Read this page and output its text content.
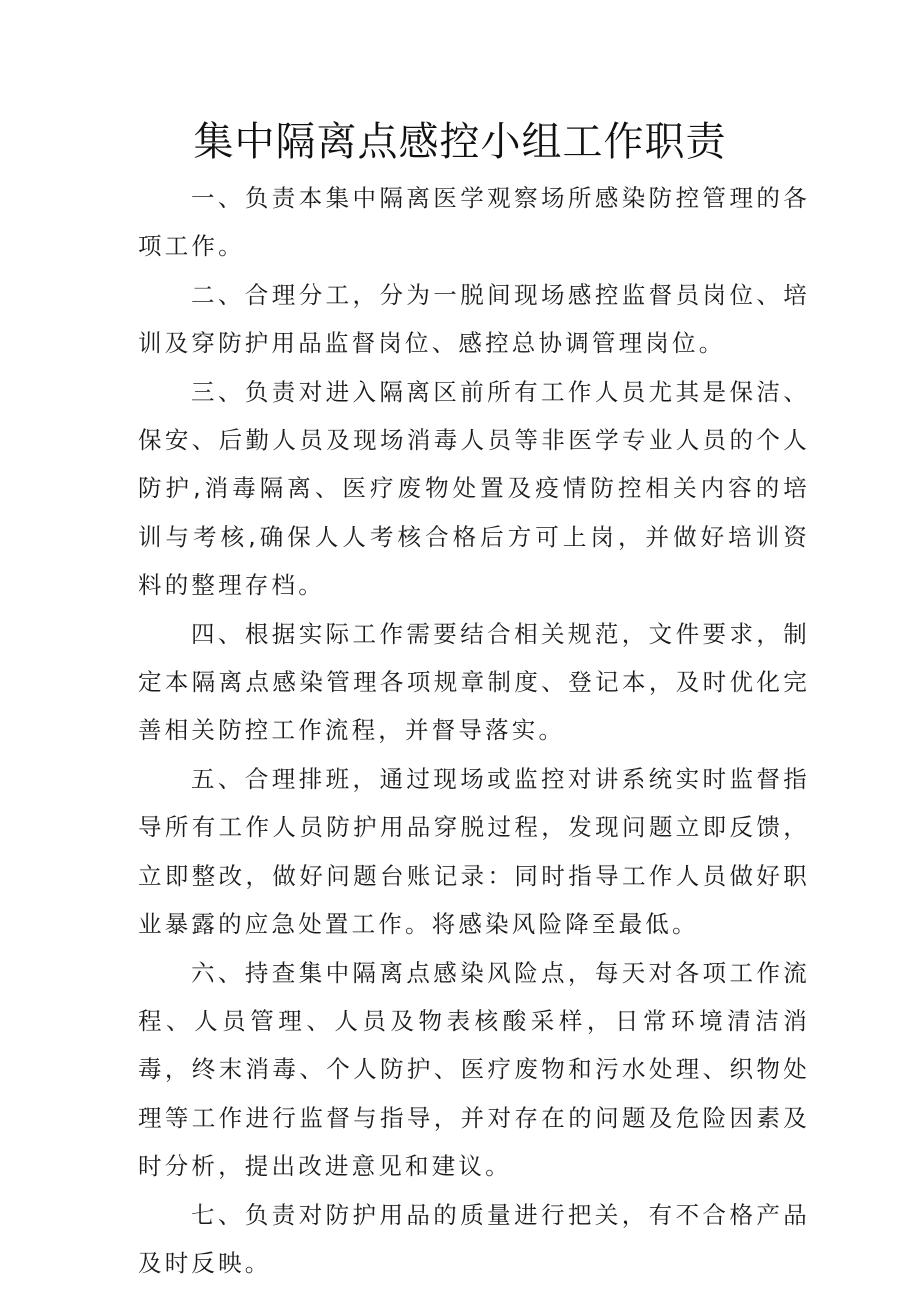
集中隔离点感控小组工作职责

一、负责本集中隔离医学观察场所感染防控管理的各项工作。

二、合理分工，分为一脱间现场感控监督员岗位、培训及穿防护用品监督岗位、感控总协调管理岗位。

三、负责对进入隔离区前所有工作人员尤其是保洁、保安、后勤人员及现场消毒人员等非医学专业人员的个人防护,消毒隔离、医疗废物处置及疫情防控相关内容的培训与考核,确保人人考核合格后方可上岗，并做好培训资料的整理存档。

四、根据实际工作需要结合相关规范，文件要求，制定本隔离点感染管理各项规章制度、登记本，及时优化完善相关防控工作流程，并督导落实。

五、合理排班，通过现场或监控对讲系统实时监督指导所有工作人员防护用品穿脱过程，发现问题立即反馈，立即整改，做好问题台账记录：同时指导工作人员做好职业暴露的应急处置工作。将感染风险降至最低。

六、持查集中隔离点感染风险点，每天对各项工作流程、人员管理、人员及物表核酸采样，日常环境清洁消毒，终末消毒、个人防护、医疗废物和污水处理、织物处理等工作进行监督与指导，并对存在的问题及危险因素及时分析，提出改进意见和建议。

七、负责对防护用品的质量进行把关，有不合格产品及时反映。
